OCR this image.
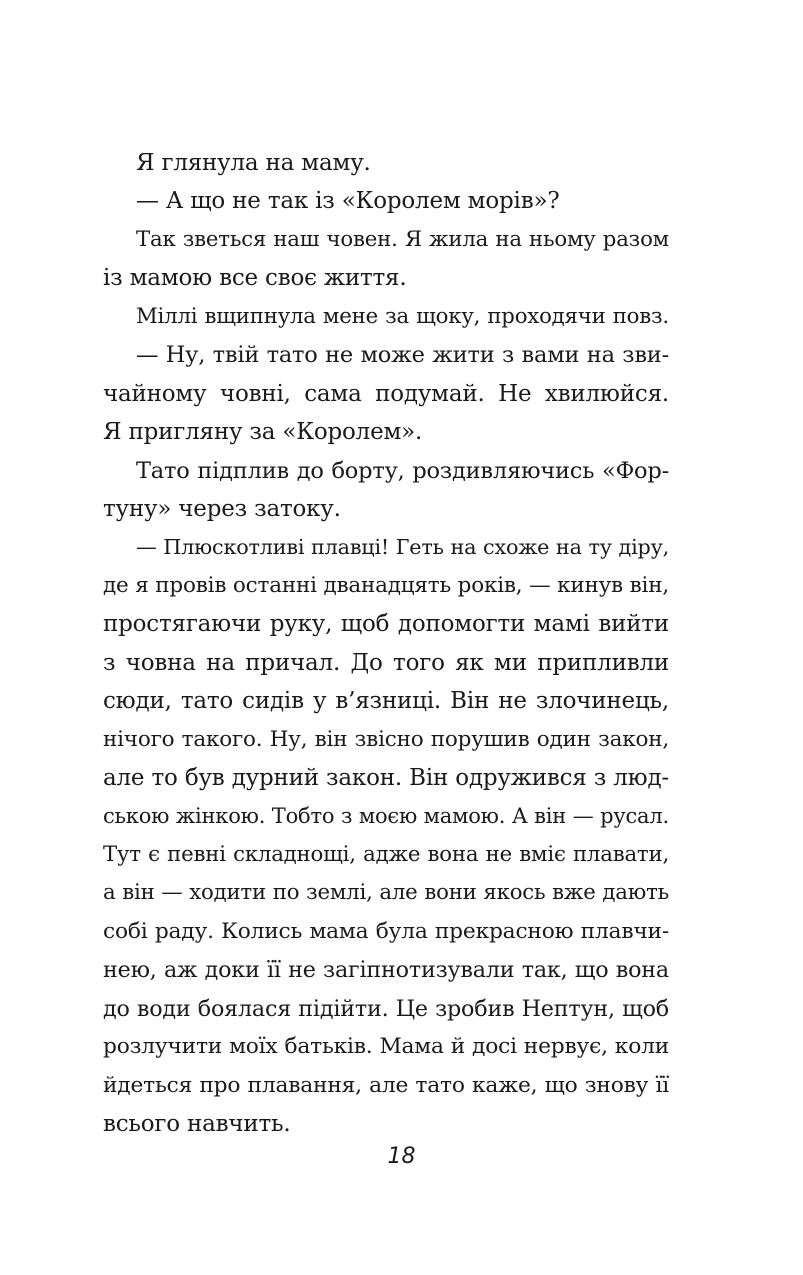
Я глянула на маму.
— А що не так із «Королем морів»?
Так зветься наш човен. Я жила на ньому разом
із мамою все своє життя.
Міллі вщипнула мене за щоку, проходячи повз.
— Ну, твій тато не може жити з вами на зви-
чайному човні, сама подумай. Не хвилюйся.
Я пригляну за «Королем».
Тато підплив до борту, роздивляючись «Фор-
туну» через затоку.
— Плюскотливі плавці! Геть на схоже на ту діру,
де я провів останні дванадцять років, — кинув він,
простягаючи руку, щоб допомогти мамі вийти
з човна на причал. До того як ми припливли
сюди, тато сидів у в’язниці. Він не злочинець,
нічого такого. Ну, він звісно порушив один закон,
але то був дурний закон. Він одружився з люд-
ською жінкою. Тобто з моєю мамою. А він — русал.
Тут є певні складнощі, адже вона не вміє плавати,
а він — ходити по землі, але вони якось вже дають
собі раду. Колись мама була прекрасною плавчи-
нею, аж доки її не загіпнотизували так, що вона
до води боялася підійти. Це зробив Нептун, щоб
розлучити моїх батьків. Мама й досі нервує, коли
йдеться про плавання, але тато каже, що знову її
всього навчить.
18
